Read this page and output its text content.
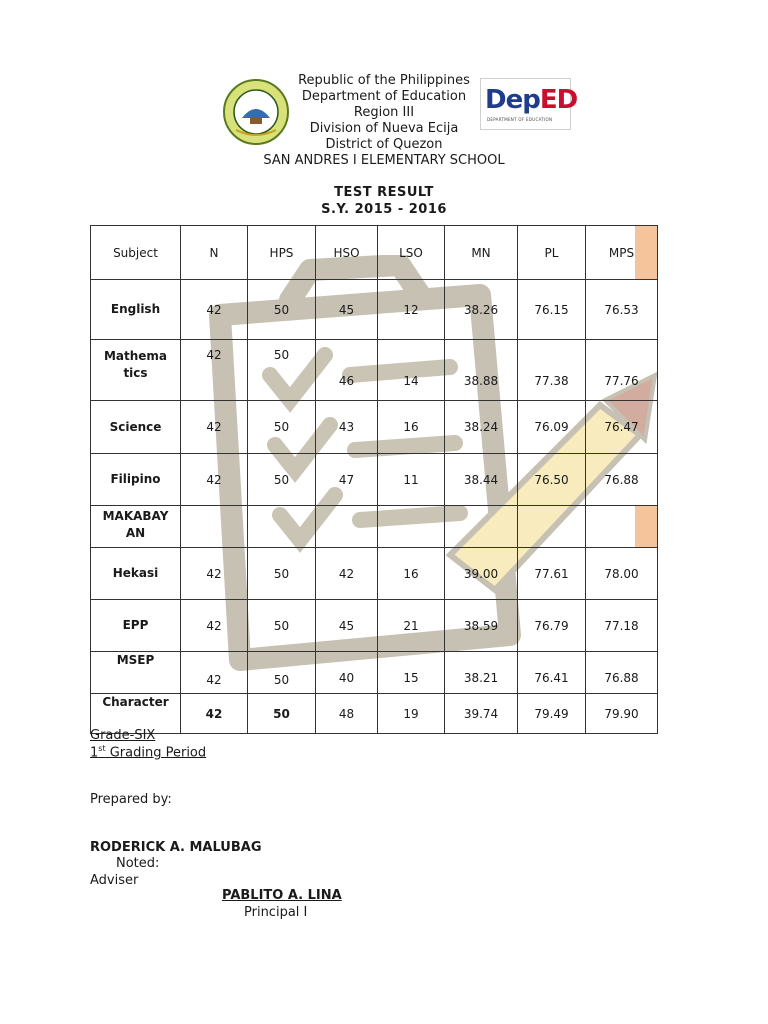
DepED
DEPARTMENT OF EDUCATION
Republic of the Philippines
Department of Education
Region III
Division of Nueva Ecija
District of Quezon
SAN ANDRES I ELEMENTARY SCHOOL
TEST RESULT
S.Y. 2015 - 2016
Subject	N	HPS	HSO	LSO	MN	PL	MPS
English	42	50	45	12	38.26	76.15	76.53

Mathema
tics	42	50	46	14	38.88	77.38	77.76
Science	42	50	43	16	38.24	76.09	76.47
Filipino	42	50	47	11	38.44	76.50	76.88

MAKABAY
AN							

Hekasi	42	50	42	16	39.00	77.61	78.00
EPP	42	50	45	21	38.59	76.79	77.18
MSEP	42	50	40	15	38.21	76.41	76.88
Character	42	50	48	19	39.74	79.49	79.90
Grade-SIX
1st Grading Period
Prepared by:
RODERICK A. MALUBAG
Noted:
Adviser
PABLITO A. LINA
Principal I
